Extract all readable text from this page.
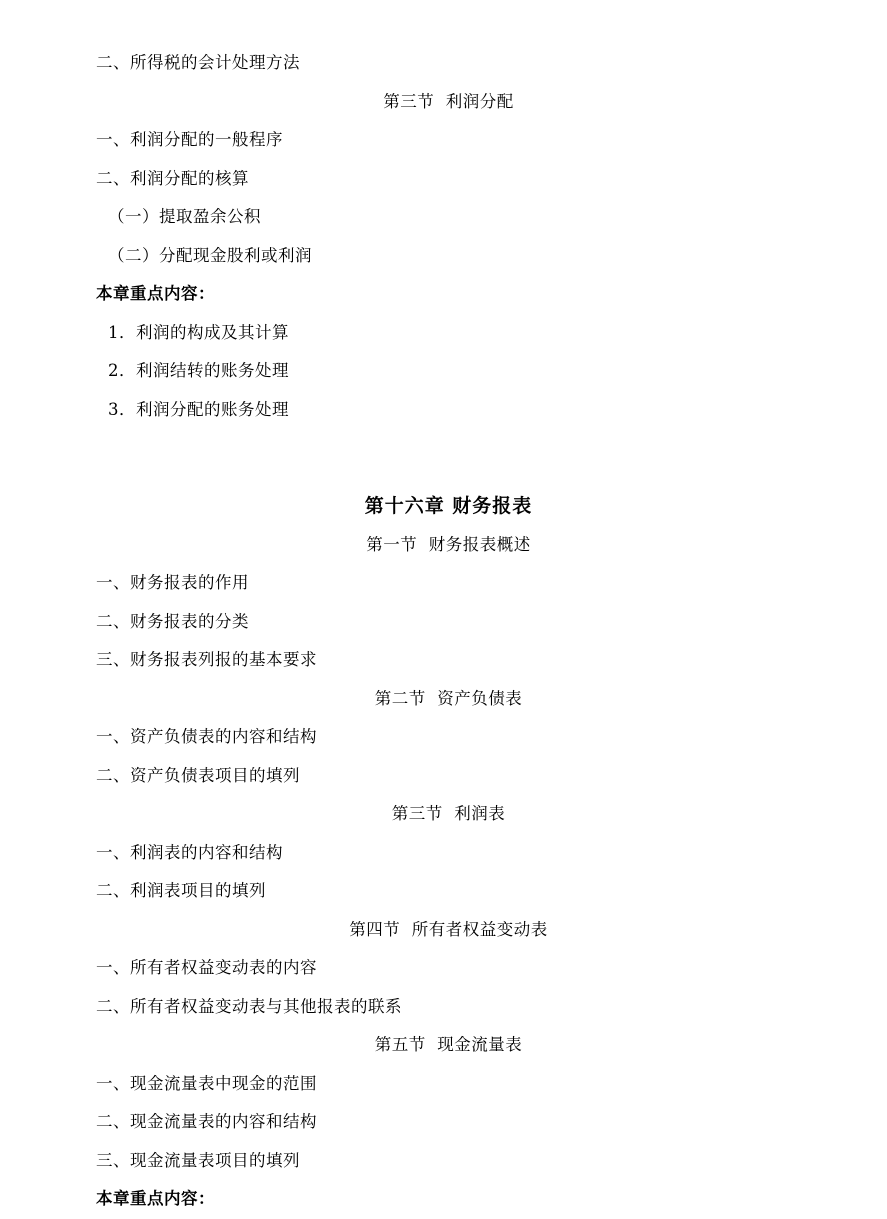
二、所得税的会计处理方法
第三节  利润分配
一、利润分配的一般程序
二、利润分配的核算
（一）提取盈余公积
（二）分配现金股利或利润
本章重点内容：
1．利润的构成及其计算
2．利润结转的账务处理
3．利润分配的账务处理
第十六章 财务报表
第一节  财务报表概述
一、财务报表的作用
二、财务报表的分类
三、财务报表列报的基本要求
第二节  资产负债表
一、资产负债表的内容和结构
二、资产负债表项目的填列
第三节  利润表
一、利润表的内容和结构
二、利润表项目的填列
第四节  所有者权益变动表
一、所有者权益变动表的内容
二、所有者权益变动表与其他报表的联系
第五节  现金流量表
一、现金流量表中现金的范围
二、现金流量表的内容和结构
三、现金流量表项目的填列
本章重点内容：
